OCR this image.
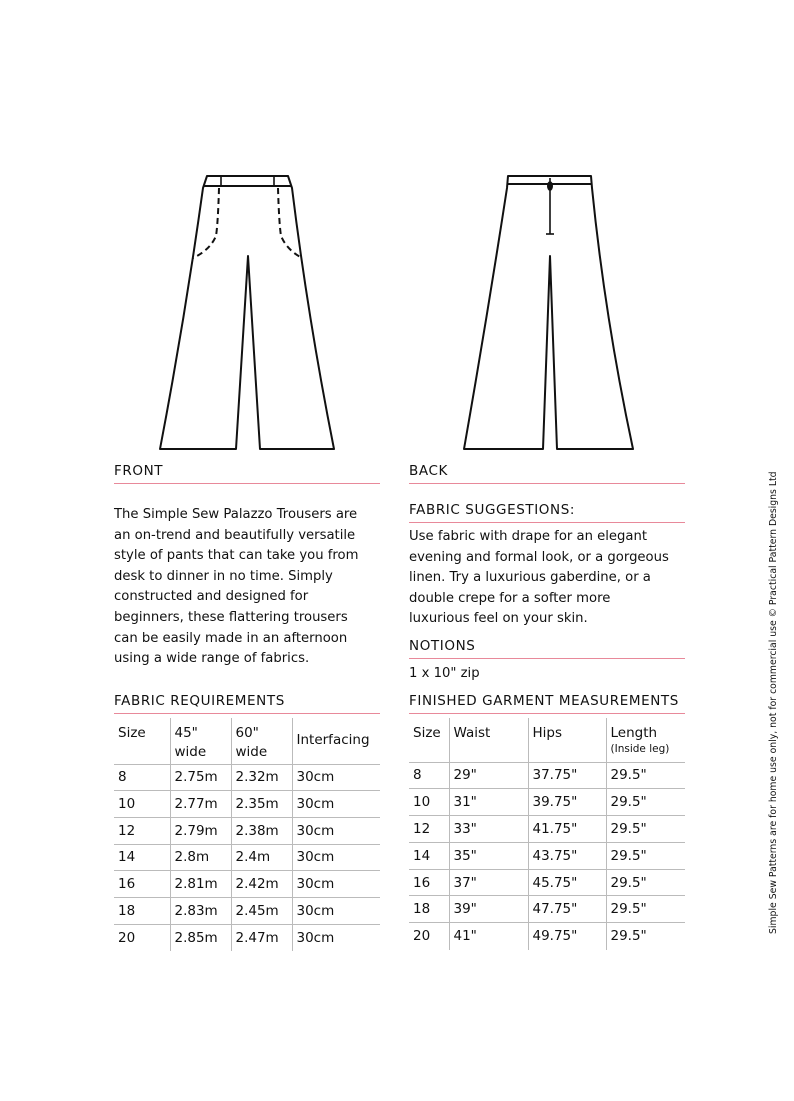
FRONT	BACK

The Simple Sew Palazzo Trousers are an on-trend and beautifully versatile style of pants that can take you from desk to dinner in no time. Simply constructed and designed for beginners, these flattering trousers can be easily made in an afternoon using a wide range of fabrics.

FABRIC SUGGESTIONS:

Use fabric with drape for an elegant evening and formal look, or a gorgeous linen. Try a luxurious gaberdine, or a double crepe for a softer more luxurious feel on your skin.

NOTIONS

1 x 10" zip

FABRIC REQUIREMENTS
Size	45" wide	60" wide	Interfacing
8	2.75m	2.32m	30cm
10	2.77m	2.35m	30cm
12	2.79m	2.38m	30cm
14	2.8m	2.4m	30cm
16	2.81m	2.42m	30cm
18	2.83m	2.45m	30cm
20	2.85m	2.47m	30cm
FINISHED GARMENT MEASUREMENTS
Size	Waist	Hips	Length
(Inside leg)

8	29"	37.75"	29.5"
10	31"	39.75"	29.5"
12	33"	41.75"	29.5"
14	35"	43.75"	29.5"
16	37"	45.75"	29.5"
18	39"	47.75"	29.5"
20	41"	49.75"	29.5"
Simple Sew Patterns are for home use only, not for commercial use © Practical Pattern Designs Ltd
